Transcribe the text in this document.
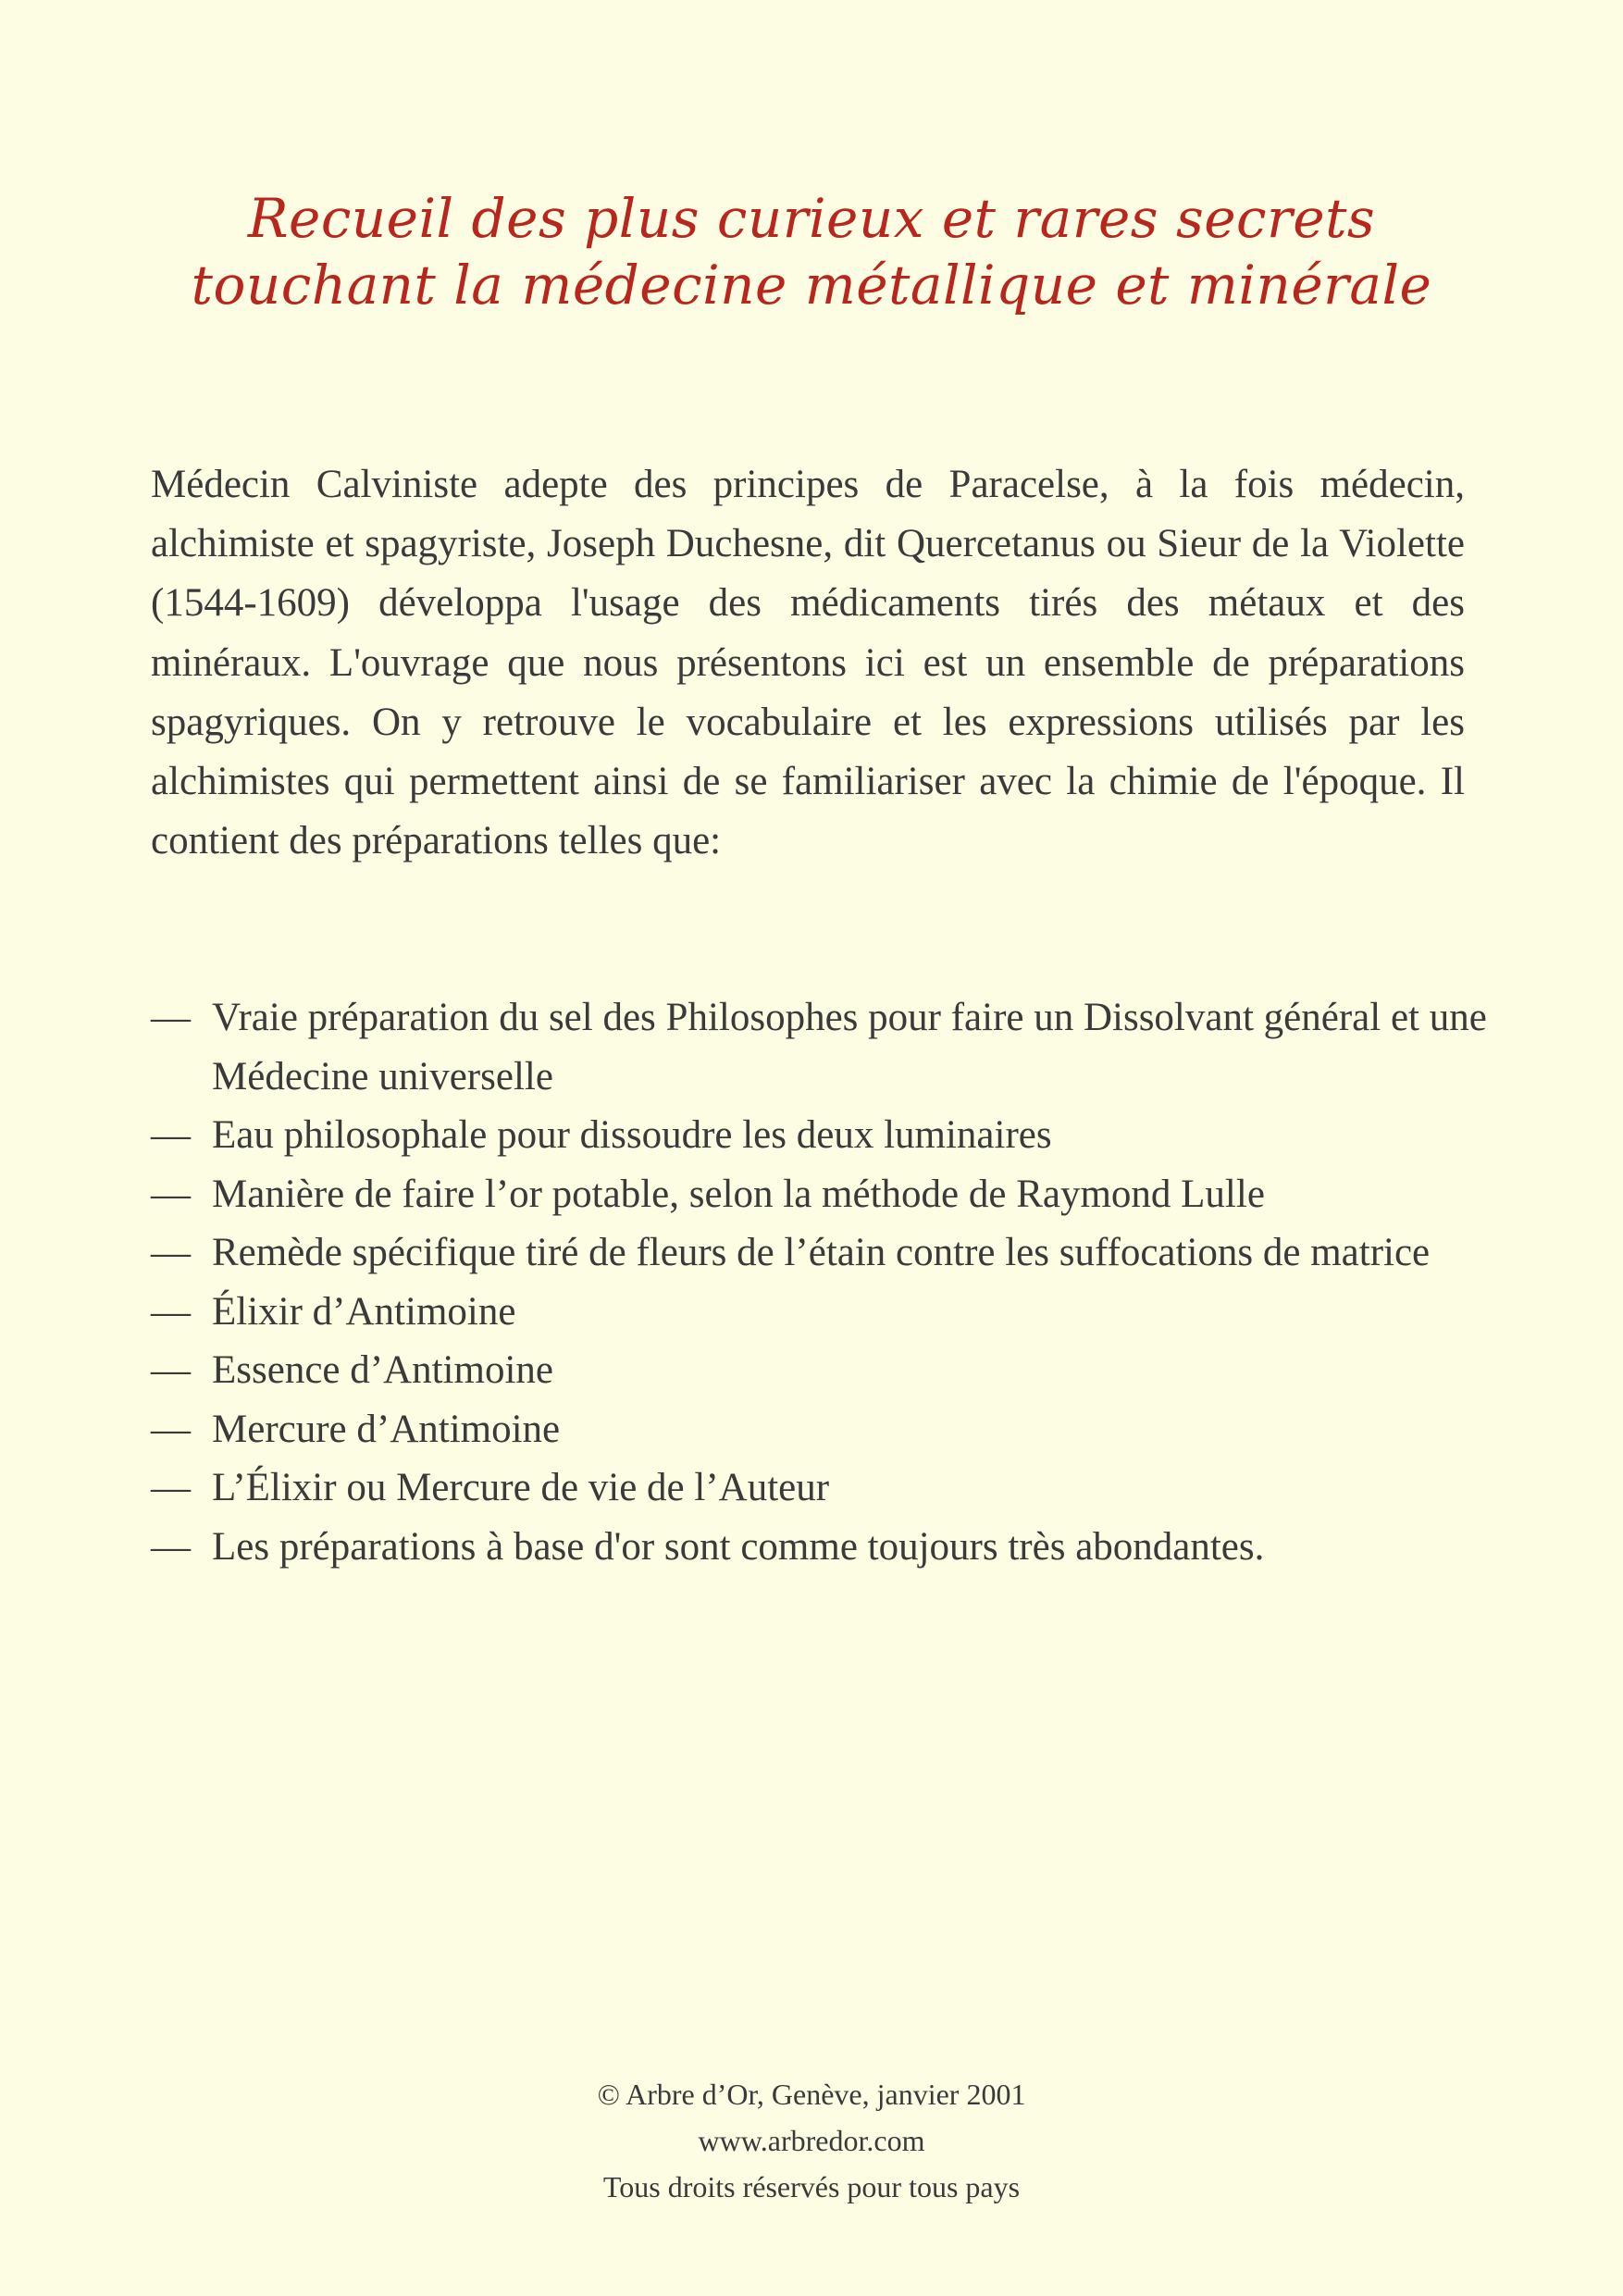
Recueil des plus curieux et rares secrets
touchant la médecine métallique et minérale

Médecin Calviniste adepte des principes de Paracelse, à la fois médecin, alchimiste et spagyriste, Joseph Duchesne, dit Quercetanus ou Sieur de la Violette (1544-1609) développa l'usage des médicaments tirés des métaux et des minéraux. L'ouvrage que nous présentons ici est un ensemble de préparations spagyriques. On y retrouve le vocabulaire et les expressions utilisés par les alchimistes qui permettent ainsi de se familiariser avec la chimie de l'époque. Il contient des préparations telles que:

— Vraie préparation du sel des Philosophes pour faire un Dissolvant général et une Médecine universelle
— Eau philosophale pour dissoudre les deux luminaires
— Manière de faire l’or potable, selon la méthode de Raymond Lulle
— Remède spécifique tiré de fleurs de l’étain contre les suffocations de matrice
— Élixir d’Antimoine
— Essence d’Antimoine
— Mercure d’Antimoine
— L’Élixir ou Mercure de vie de l’Auteur
— Les préparations à base d'or sont comme toujours très abondantes.
© Arbre d’Or, Genève, janvier 2001
www.arbredor.com
Tous droits réservés pour tous pays
